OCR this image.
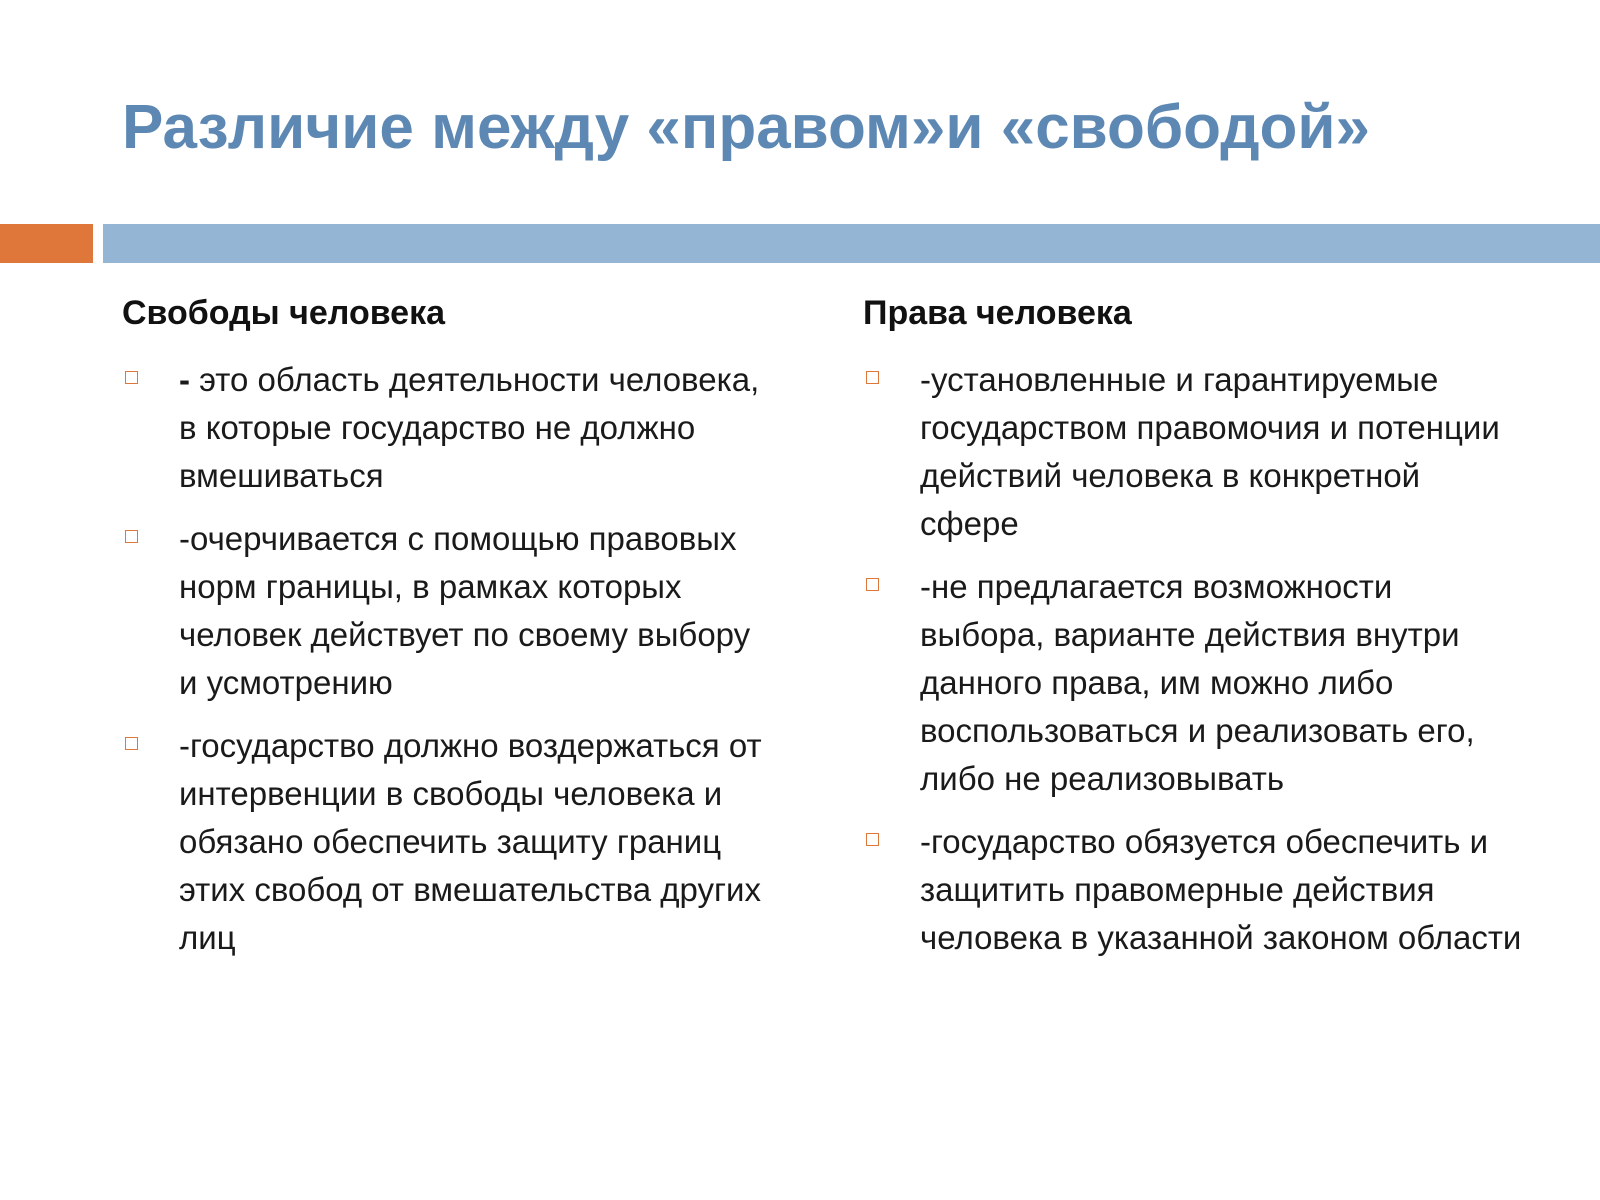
Различие между «правом»и «свободой»
Свободы человека
- это область деятельности человека, в которые государство не должно вмешиваться
-очерчивается с помощью правовых норм границы, в рамках которых человек действует по своему выбору и усмотрению
-государство должно воздержаться от интервенции в свободы человека и обязано обеспечить защиту границ этих свобод от вмешательства других лиц
Права человека
-установленные и гарантируемые государством правомочия и потенции действий человека в конкретной сфере
-не предлагается возможности выбора, варианте действия внутри данного права, им можно либо воспользоваться и реализовать его, либо не реализовывать
-государство обязуется обеспечить и защитить правомерные действия человека в указанной законом области
